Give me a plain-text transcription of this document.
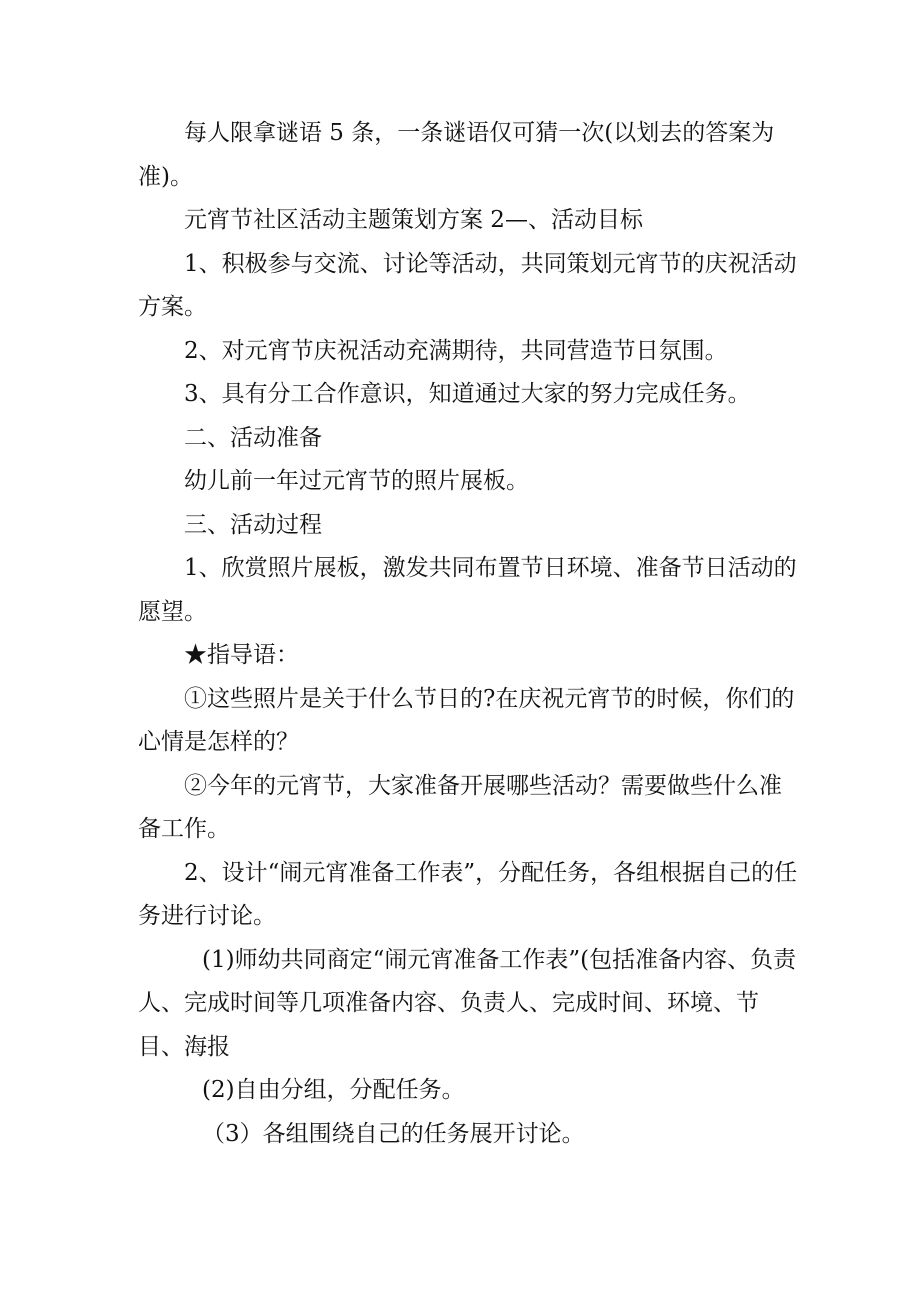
每人限拿谜语 5 条，一条谜语仅可猜一次(以划去的答案为准)。

元宵节社区活动主题策划方案 2—、活动目标

1、积极参与交流、讨论等活动，共同策划元宵节的庆祝活动方案。

2、对元宵节庆祝活动充满期待，共同营造节日氛围。

3、具有分工合作意识，知道通过大家的努力完成任务。

二、活动准备

幼儿前一年过元宵节的照片展板。

三、活动过程

1、欣赏照片展板，激发共同布置节日环境、准备节日活动的愿望。

★指导语：

①这些照片是关于什么节日的?在庆祝元宵节的时候，你们的心情是怎样的？

②今年的元宵节，大家准备开展哪些活动？需要做些什么准备工作。

2、设计“闹元宵准备工作表”，分配任务，各组根据自己的任务进行讨论。

(1)师幼共同商定“闹元宵准备工作表”(包括准备内容、负责人、完成时间等几项准备内容、负责人、完成时间、环境、节目、海报

(2)自由分组，分配任务。

（3）各组围绕自己的任务展开讨论。
